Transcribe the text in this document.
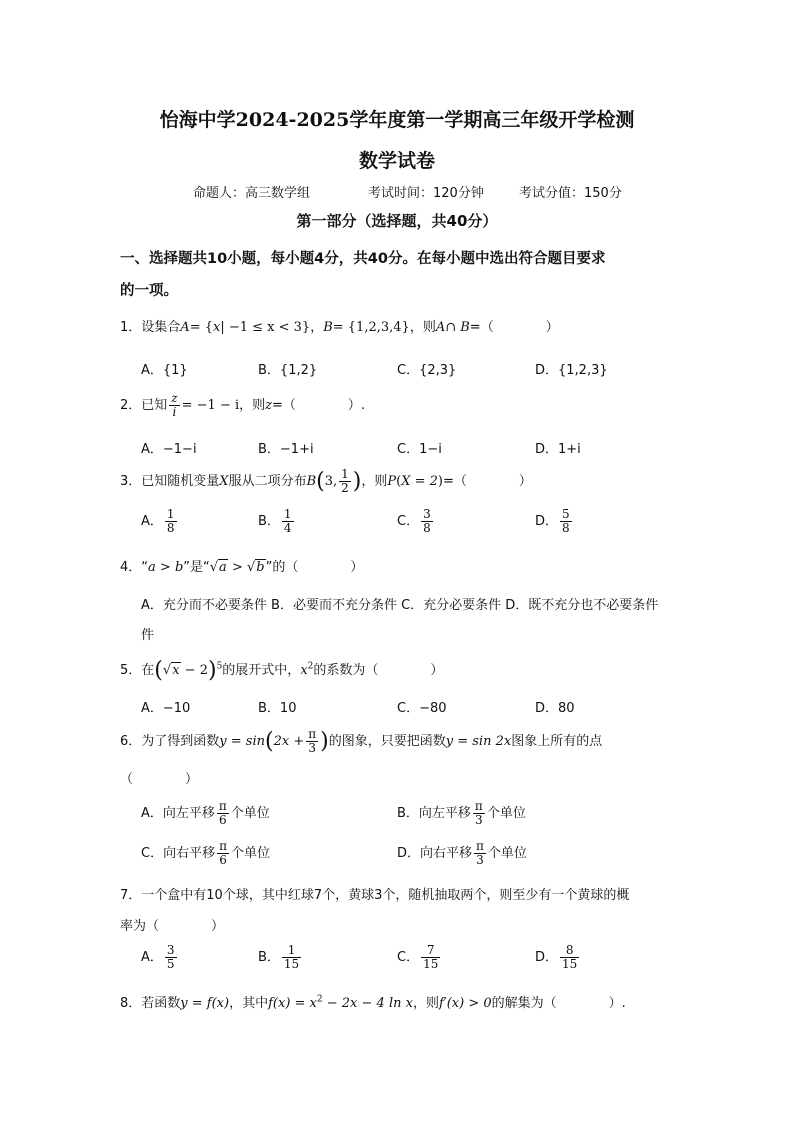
怡海中学2024-2025学年度第一学期高三年级开学检测
数学试卷
命题人：高三数学组	考试时间：120分钟	考试分值：150分
第一部分（选择题，共40分）
一、选择题共10小题，每小题4分，共40分。在每小题中选出符合题目要求
的一项。
1．设集合A= {x| −1 ≤ x < 3}，B= {1,2,3,4}，则A∩ B=（　　　　）
A．{1}	B．{1,2}	C．{2,3}	D．{1,2,3}
2．已知 $\frac{z}{i} = -1 - i$，则z=（　　　　）.
A．−1−i	B．−1+i	C．1−i	D．1+i
3．已知随机变量X服从二项分布B(3, $\frac{1}{2}$ )，则P(X = 2)=（　　　　）
A． $\frac{1}{8}$	B． $\frac{1}{4}$	C． $\frac{3}{8}$	D． $\frac{5}{8}$
4．“a > b”是“√a > √b”的（　　　　）
A．充分而不必要条件 B．必要而不充分条件 C．充分必要条件 D．既不充分也不必要条件
件
5．在$(√x - 2)^5$的展开式中，$x^2$的系数为（　　　　）
A．−10	B．10	C．−80	D．80
6．为了得到函数$y = \sin(2x + \frac{\pi}{3}$ )的图象，只要把函数y = sin 2x图象上所有的点
（　　　　）
A．向左平移 $\frac{\pi}{6}$ 个单位	B．向左平移 $\frac{\pi}{3}$ 个单位
C．向右平移 $\frac{\pi}{6}$ 个单位	D．向右平移 $\frac{\pi}{3}$ 个单位
7．一个盒中有10个球，其中红球7个，黄球3个，随机抽取两个，则至少有一个黄球的概
率为（　　　　）
A． $\frac{3}{5}$	B． $\frac{1}{15}$	C． $\frac{7}{15}$	D． $\frac{8}{15}$
8．若函数y = f(x)，其中$f(x) = x^2 - 2x - 4$ ln x，则f′(x) > 0的解集为（　　　　）.
